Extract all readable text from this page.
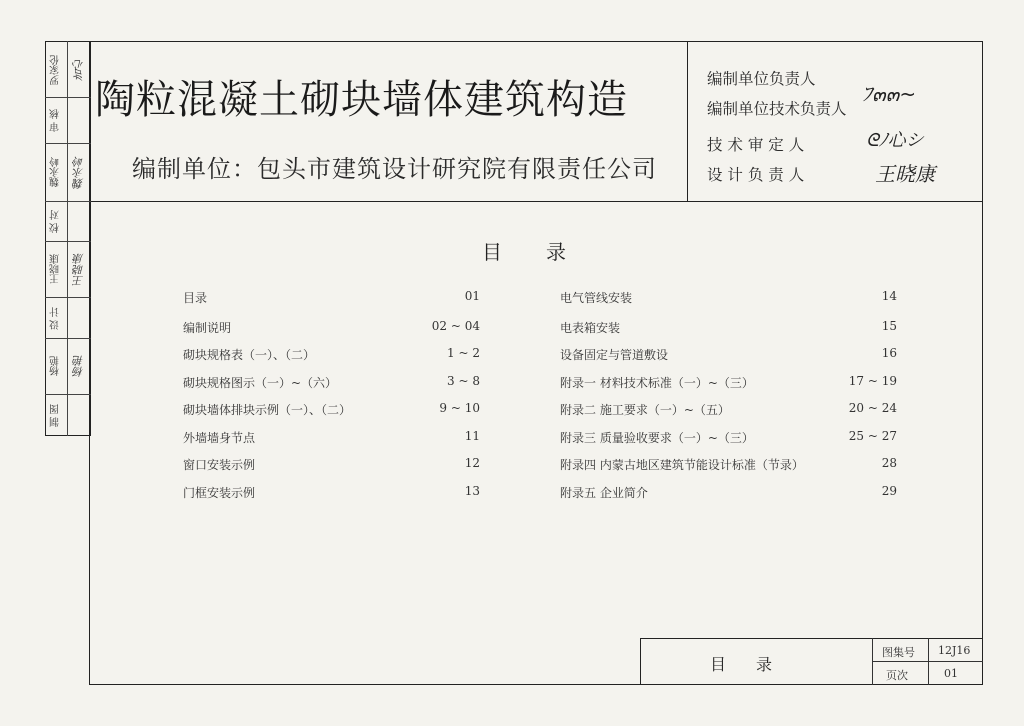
罗家伦 ｶﾛ心
审 核
魏永岭 魏永岭
校 对
王晓康 王晓康
设 计
杨艳 杨艳
制 图
陶粒混凝土砌块墙体建筑构造
编制单位：包头市建筑设计研究院有限责任公司
编制单位负责人
编制单位技术负责人
技 术 审 定 人
设 计 负 责 人
ﾌ๓๓~
ᘓﾉ心シ
王晓康
目录
目录
图集号 12J16
页次	01
目录	01
编制说明	02 ~ 04
砌块规格表（一）、（二）	1 ~ 2
砌块规格图示（一）~（六）	3 ~ 8
砌块墙体排块示例（一）、（二）	9 ~ 10
外墙墙身节点	11
窗口安装示例	12
门框安装示例	13
电气管线安装	14
电表箱安装	15
设备固定与管道敷设	16
附录一 材料技术标准（一）~（三）	17 ~ 19
附录二 施工要求（一）~（五）	20 ~ 24
附录三 质量验收要求（一）~（三）	25 ~ 27
附录四 内蒙古地区建筑节能设计标准（节录）	28
附录五 企业简介	29
